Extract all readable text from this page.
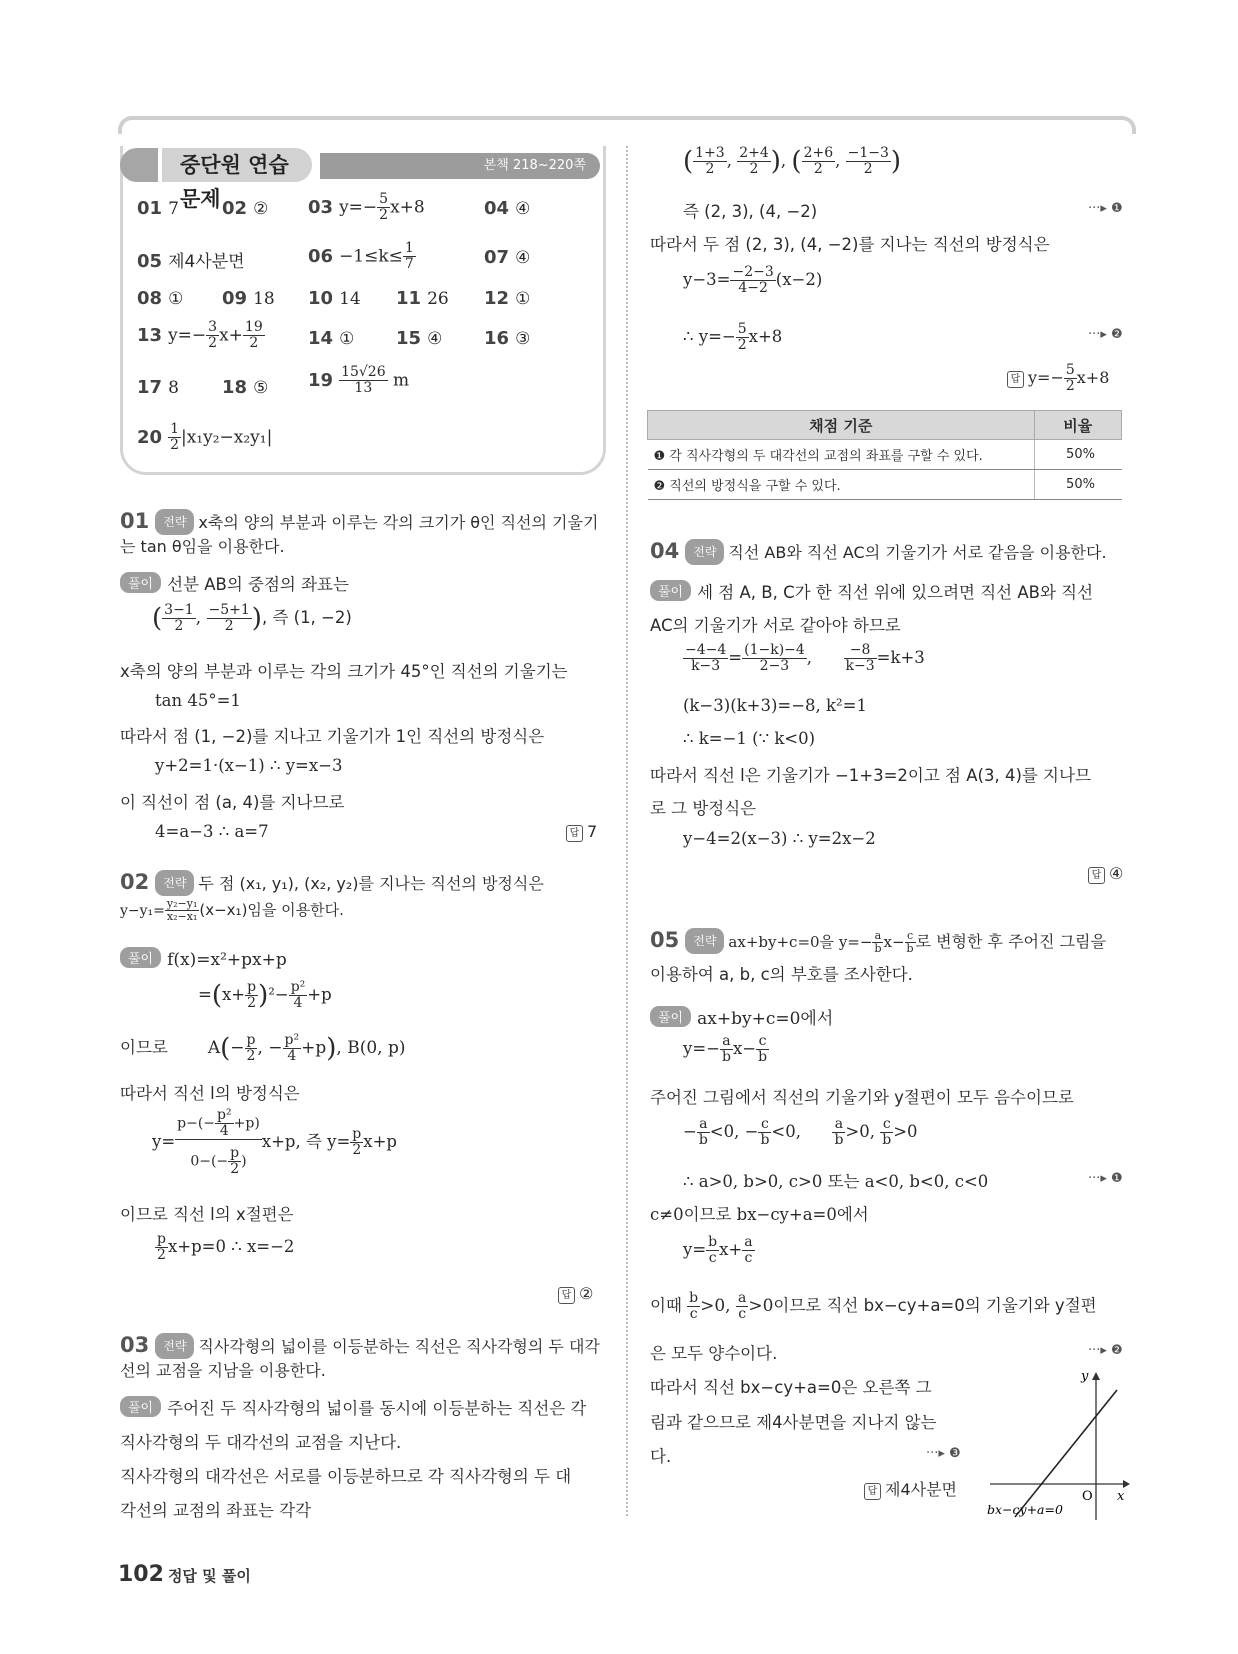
중단원 연습 문제
본책 218~220쪽
01 7 02 ② 03 $y=- \frac{5}{2} x+8$	04 ④
05 제4사분면	$06 -1\le k\le \frac{1}{7}$	07 ④
08 ① 09 18 10 14 11 26 12 ①
13 $y=- \frac{3}{2} x+ \frac{19}{2} 14$ ① 15 ④ 16 ③
17 8 18 ⑤ $19 \frac{15√26}{13}$ m
$20 \frac{1}{2} |x_1y_2-x_2y_1|$
01 전략 x축의 양의 부분과 이루는 각의 크기가 θ인 직선의 기울기는 tan θ임을 이용한다.
풀이 선분 AB의 중점의 좌표는
( $\frac{3-1}{2}$ , $\frac{-5+1}{2}$ ), 즉 (1, −2)
x축의 양의 부분과 이루는 각의 크기가 45°인 직선의 기울기는
tan 45°=1
따라서 점 (1, −2)를 지나고 기울기가 1인 직선의 방정식은
y+2=1·(x−1) ∴ y=x−3
이 직선이 점 (a, 4)를 지나므로
4=a−3 ∴ a=7	답 7
02 전략 두 점 (x₁, y₁), (x₂, y₂)를 지나는 직선의 방정식은
$y-y_1= \frac{\text{y₂−y₁}}{\text{x₂−x₁}} (x-x_1)$임을 이용한다.
풀이 f(x)=x²+px+p
$=(x+ \frac{p}{2} )^2- \frac{\text{p²}}{4} +p$
이므로 $A(- \frac{p}{2}$ , − $\frac{\text{p²}}{4} +p$), B(0, p)
따라서 직선 l의 방정식은
$y= \frac{p-(- \frac{\text{p²}}{4} +p)}{0-(- \frac{p}{2} )} x+p$, 즉 $y= \frac{p}{2} x+p$
이므로 직선 l의 x절편은
$\frac{p}{2} x+p=0$ ∴ x=−2
답 ②
03 전략 직사각형의 넓이를 이등분하는 직선은 직사각형의 두 대각선의 교점을 지남을 이용한다.
풀이 주어진 두 직사각형의 넓이를 동시에 이등분하는 직선은 각
직사각형의 두 대각선의 교점을 지난다.
직사각형의 대각선은 서로를 이등분하므로 각 직사각형의 두 대
각선의 교점의 좌표는 각각
( $\frac{1+3}{2}$ , $\frac{2+4}{2}$ ), ( $\frac{2+6}{2}$ , $\frac{-1-3}{2}$ )
즉 (2, 3), (4, −2)	···▸ ❶
따라서 두 점 (2, 3), (4, −2)를 지나는 직선의 방정식은
$y-3= \frac{-2-3}{4-2} (x-2)$
∴ $y=- \frac{5}{2} x+8$	···▸ ❷
답 $y=- \frac{5}{2} x+8$
채점 기준	비율
❶ 각 직사각형의 두 대각선의 교점의 좌표를 구할 수 있다.	50%
❷ 직선의 방정식을 구할 수 있다.	50%
04 전략 직선 AB와 직선 AC의 기울기가 서로 같음을 이용한다.
풀이 세 점 A, B, C가 한 직선 위에 있으려면 직선 AB와 직선
AC의 기울기가 서로 같아야 하므로
$\frac{-4-4}{k-3} = \frac{(1-k)-4}{2-3}$ , $\frac{-8}{k-3} =k+3$
(k−3)(k+3)=−8, k²=1
∴ k=−1 (∵ k<0)
따라서 직선 l은 기울기가 −1+3=2이고 점 A(3, 4)를 지나므
로 그 방정식은
y−4=2(x−3) ∴ y=2x−2
답 ④
05 전략 ax+by+c=0을 $y=- \frac{a}{b} x- \frac{c}{b}$ 로 변형한 후 주어진 그림을
이용하여 a, b, c의 부호를 조사한다.
풀이 ax+by+c=0에서
$y=- \frac{a}{b} x- \frac{c}{b}$
주어진 그림에서 직선의 기울기와 y절편이 모두 음수이므로
− $\frac{a}{b} <0$, − $\frac{c}{b} <0$, $\frac{a}{b} >0$, $\frac{c}{b} >0$
∴ a>0, b>0, c>0 또는 a<0, b<0, c<0	···▸ ❶
c≠0이므로 bx−cy+a=0에서
$y= \frac{b}{c} x+ \frac{a}{c}$
이때 $\frac{b}{c} >0$, $\frac{a}{c} >0$이므로 직선 bx−cy+a=0의 기울기와 y절편
은 모두 양수이다.	···▸ ❷
따라서 직선 bx−cy+a=0은 오른쪽 그
림과 같으므로 제4사분면을 지나지 않는
다.	···▸ ❸
답 제4사분면
y
x
O
bx−cy+a=0
102 정답 및 풀이
